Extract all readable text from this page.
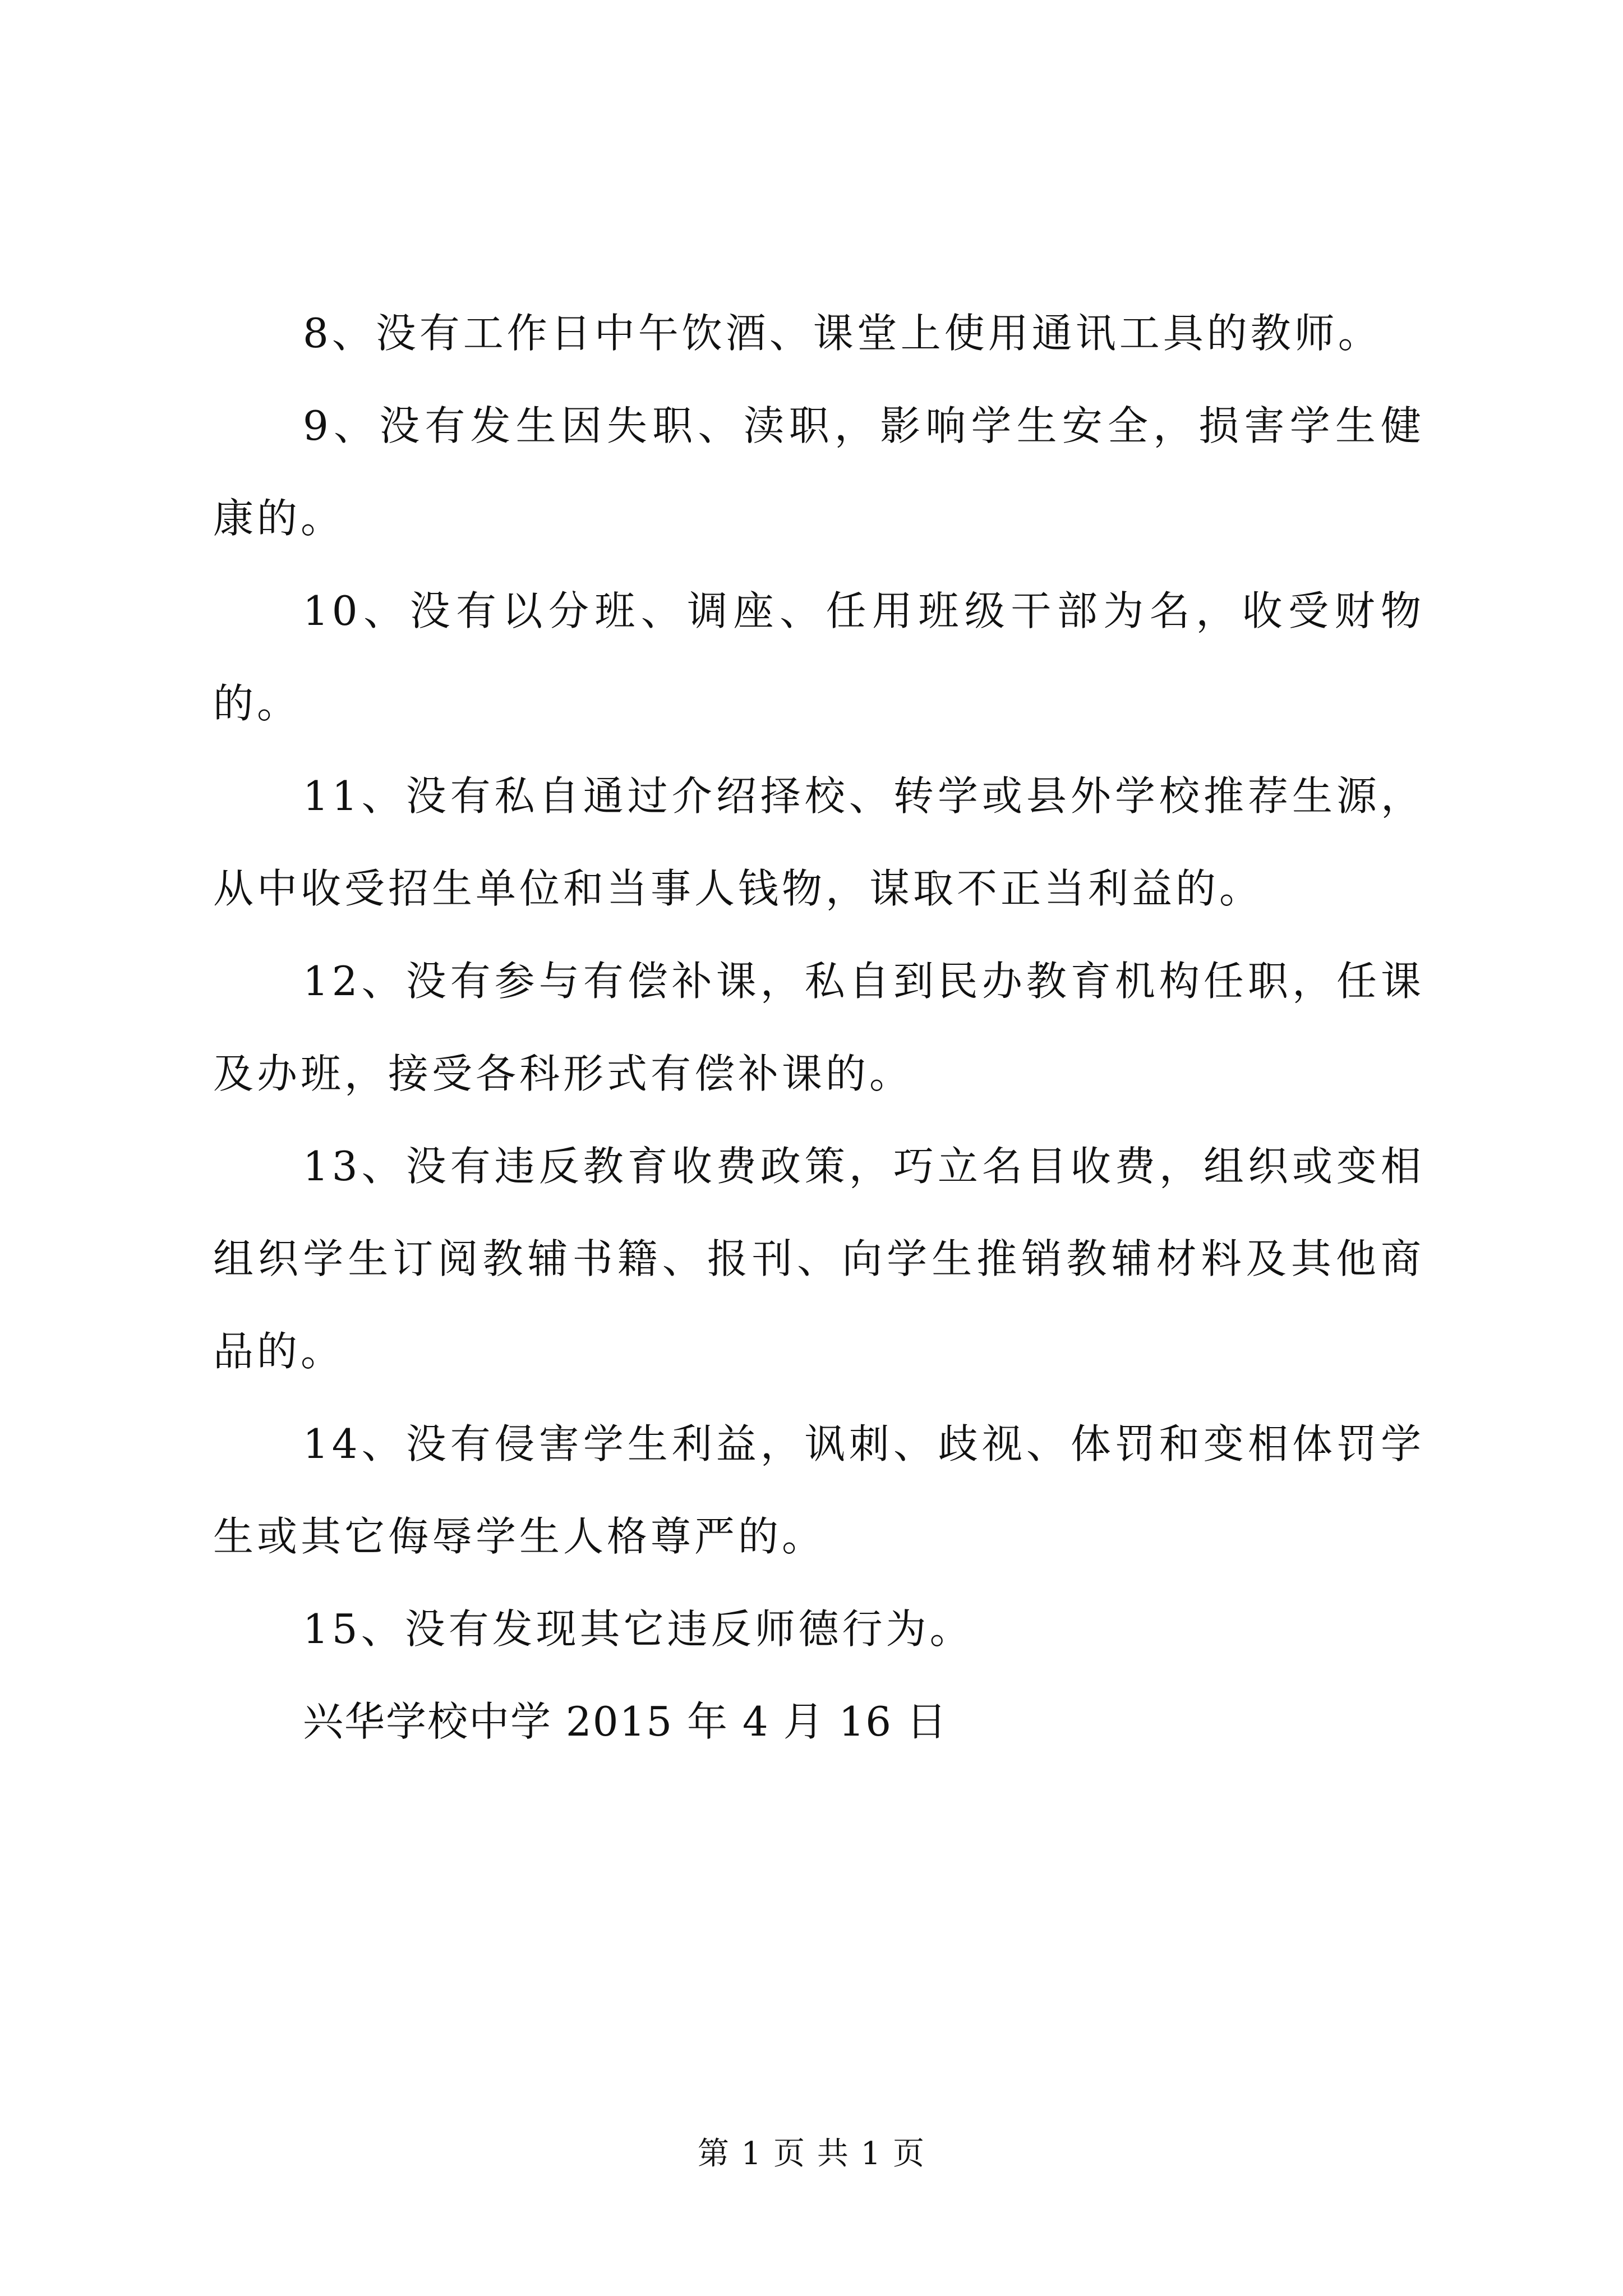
8、没有工作日中午饮酒、课堂上使用通讯工具的教师。

9、没有发生因失职、渎职，影响学生安全，损害学生健康的。

10、没有以分班、调座、任用班级干部为名，收受财物的。

11、没有私自通过介绍择校、转学或县外学校推荐生源，从中收受招生单位和当事人钱物，谋取不正当利益的。

12、没有参与有偿补课，私自到民办教育机构任职，任课及办班，接受各科形式有偿补课的。

13、没有违反教育收费政策，巧立名目收费，组织或变相组织学生订阅教辅书籍、报刊、向学生推销教辅材料及其他商品的。

14、没有侵害学生利益，讽刺、歧视、体罚和变相体罚学生或其它侮辱学生人格尊严的。

15、没有发现其它违反师德行为。

兴华学校中学 2015 年 4 月 16 日

第 1 页 共 1 页
